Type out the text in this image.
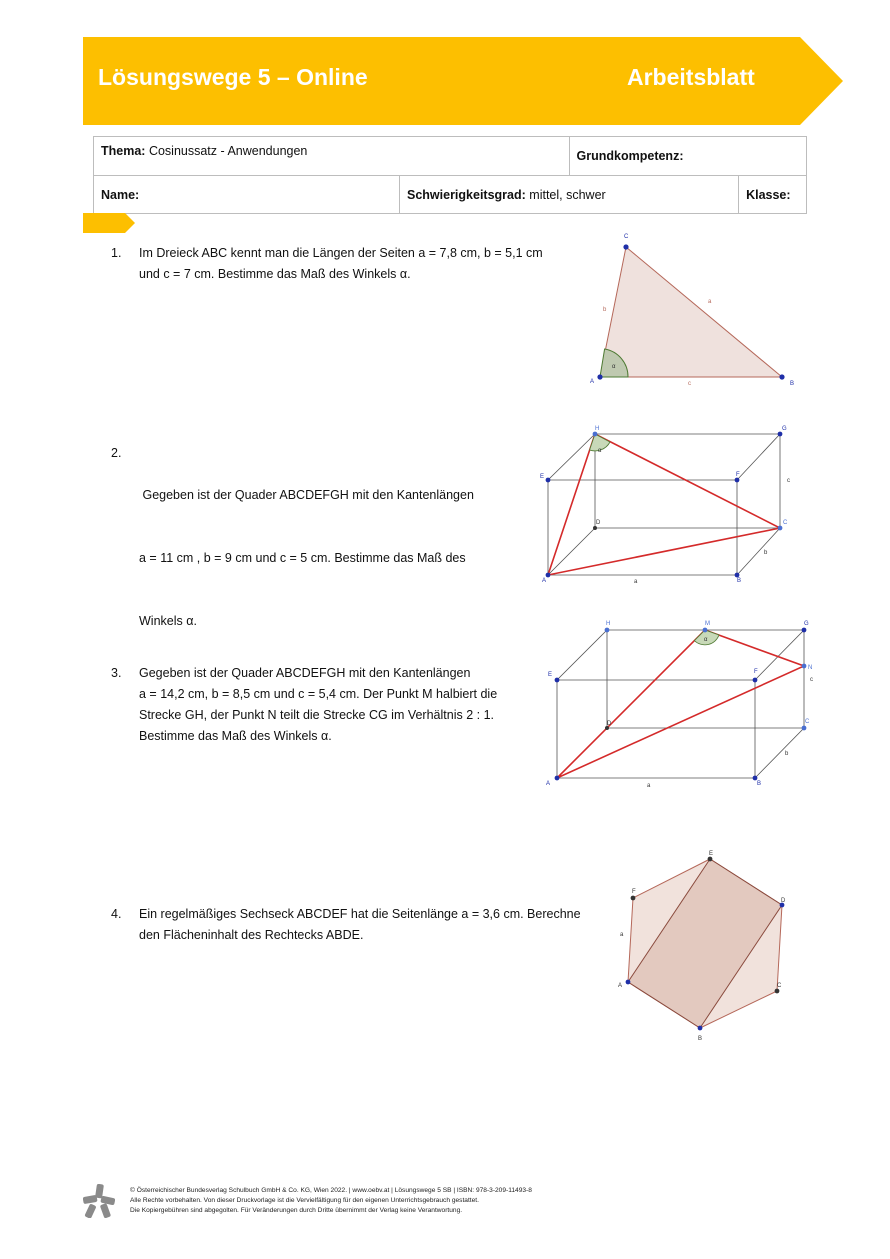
Lösungswege 5 – Online	Arbeitsblatt
Thema: Cosinussatz - Anwendungen		Grundkompetenz:	
Name:	Schwierigkeitsgrad: mittel, schwer		Klasse:
1.	Im Dreieck ABC kennt man die Längen der Seiten a = 7,8 cm, b = 5,1 cm
und c = 7 cm. Bestimme das Maß des Winkels α.
2.

Gegeben ist der Quader ABCDEFGH mit den Kantenlängen

a = 11 cm , b = 9 cm und c = 5 cm. Bestimme das Maß des

Winkels α.

3.	Gegeben ist der Quader ABCDEFGH mit den Kantenlängen
a = 14,2 cm, b = 8,5 cm und c = 5,4 cm. Der Punkt M halbiert die
Strecke GH, der Punkt N teilt die Strecke CG im Verhältnis 2 : 1.
Bestimme das Maß des Winkels α.
4.	Ein regelmäßiges Sechseck ABCDEF hat die Seitenlänge a = 3,6 cm. Berechne
den Flächeninhalt des Rechtecks ABDE.
α
A
C
B
b
a
c
α
A	B
C
D
E	F
G
H
a
b
c
α
A	B
C
D
E	F
G
H	M
N
a
b
c
A
B
C
D
E
F
a
© Österreichischer Bundesverlag Schulbuch GmbH & Co. KG, Wien 2022. | www.oebv.at | Lösungswege 5 SB | ISBN: 978-3-209-11493-8
Alle Rechte vorbehalten. Von dieser Druckvorlage ist die Vervielfältigung für den eigenen Unterrichtsgebrauch gestattet.
Die Kopiergebühren sind abgegolten. Für Veränderungen durch Dritte übernimmt der Verlag keine Verantwortung.
